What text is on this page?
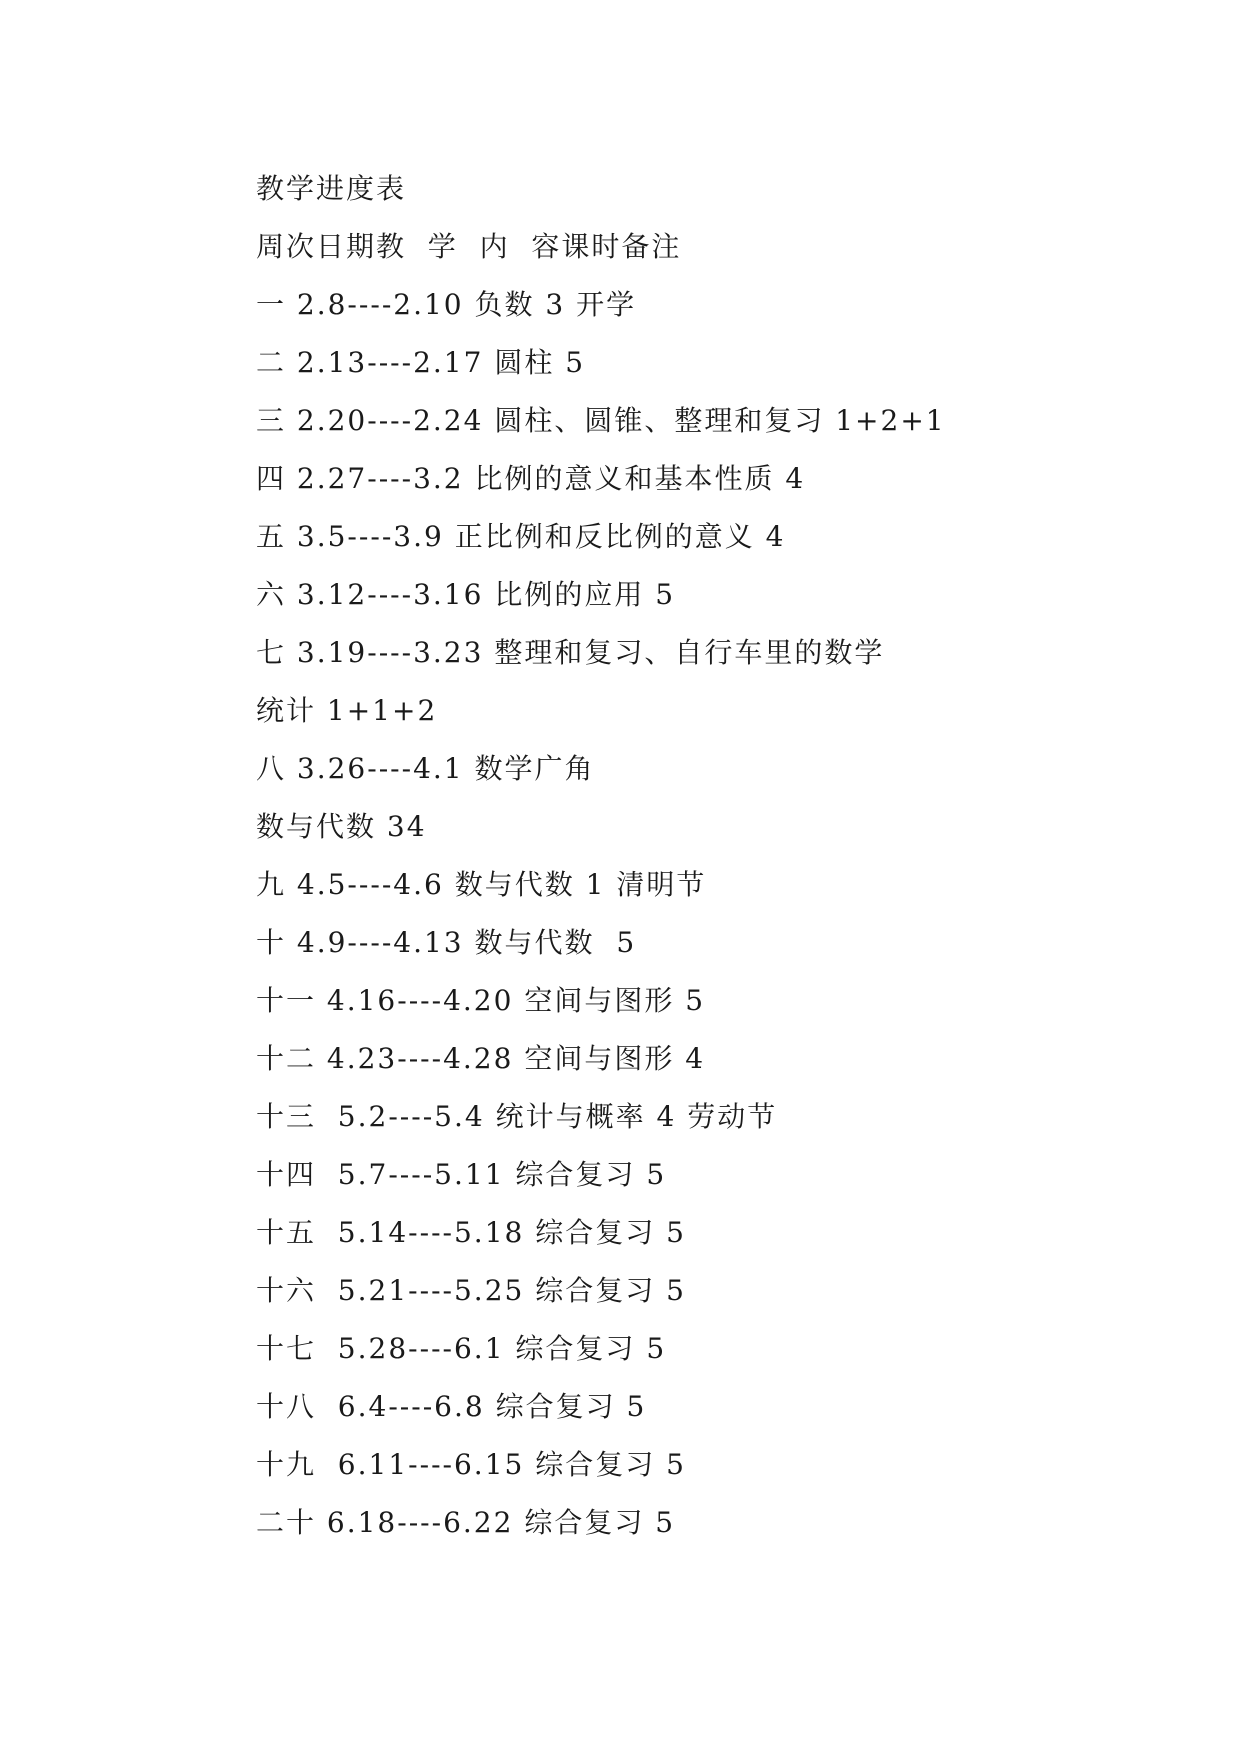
教学进度表
周次日期教  学  内  容课时备注
一 2.8----2.10 负数 3 开学
二 2.13----2.17 圆柱 5
三 2.20----2.24 圆柱、圆锥、整理和复习 1+2+1
四 2.27----3.2 比例的意义和基本性质 4
五 3.5----3.9 正比例和反比例的意义 4
六 3.12----3.16 比例的应用 5
七 3.19----3.23 整理和复习、自行车里的数学
统计 1+1+2
八 3.26----4.1 数学广角
数与代数 34
九 4.5----4.6 数与代数 1 清明节
十 4.9----4.13 数与代数  5
十一 4.16----4.20 空间与图形 5
十二 4.23----4.28 空间与图形 4
十三  5.2----5.4 统计与概率 4 劳动节
十四  5.7----5.11 综合复习 5
十五  5.14----5.18 综合复习 5
十六  5.21----5.25 综合复习 5
十七  5.28----6.1 综合复习 5
十八  6.4----6.8 综合复习 5
十九  6.11----6.15 综合复习 5
二十 6.18----6.22 综合复习 5
